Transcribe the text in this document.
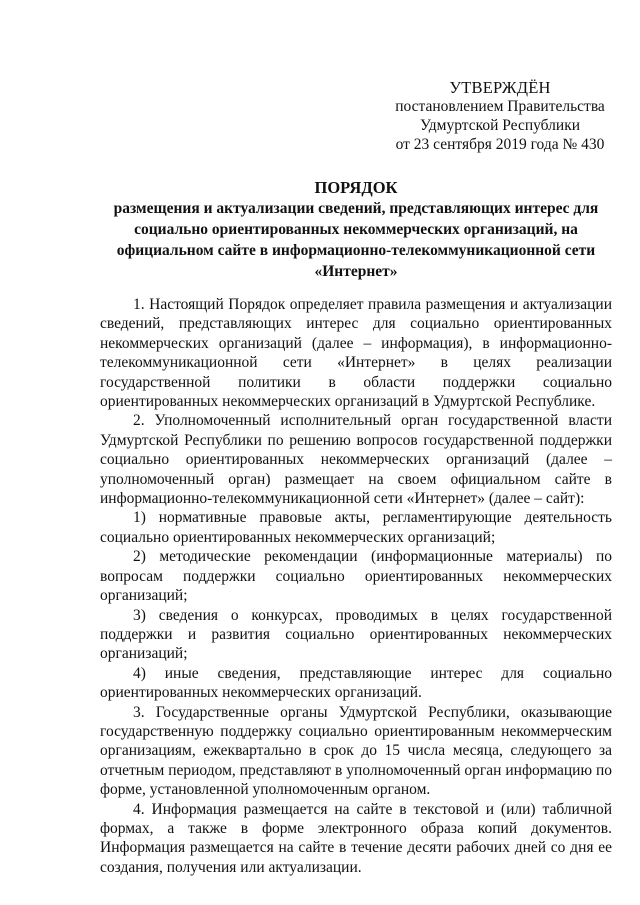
УТВЕРЖДЁН
постановлением Правительства
Удмуртской Республики
от 23 сентября 2019 года № 430
ПОРЯДОК
размещения и актуализации сведений, представляющих интерес для социально ориентированных некоммерческих организаций, на официальном сайте в информационно-телекоммуникационной сети «Интернет»

1. Настоящий Порядок определяет правила размещения и актуализации сведений, представляющих интерес для социально ориентированных некоммерческих организаций (далее – информация), в информационно-телекоммуникационной сети «Интернет» в целях реализации государственной политики в области поддержки социально ориентированных некоммерческих организаций в Удмуртской Республике.

2. Уполномоченный исполнительный орган государственной власти Удмуртской Республики по решению вопросов государственной поддержки социально ориентированных некоммерческих организаций (далее – уполномоченный орган) размещает на своем официальном сайте в информационно-телекоммуникационной сети «Интернет» (далее – сайт):

1) нормативные правовые акты, регламентирующие деятельность социально ориентированных некоммерческих организаций;

2) методические рекомендации (информационные материалы) по вопросам поддержки социально ориентированных некоммерческих организаций;

3) сведения о конкурсах, проводимых в целях государственной поддержки и развития социально ориентированных некоммерческих организаций;

4) иные сведения, представляющие интерес для социально ориентированных некоммерческих организаций.

3. Государственные органы Удмуртской Республики, оказывающие государственную поддержку социально ориентированным некоммерческим организациям, ежеквартально в срок до 15 числа месяца, следующего за отчетным периодом, представляют в уполномоченный орган информацию по форме, установленной уполномоченным органом.

4. Информация размещается на сайте в текстовой и (или) табличной формах, а также в форме электронного образа копий документов. Информация размещается на сайте в течение десяти рабочих дней со дня ее создания, получения или актуализации.
